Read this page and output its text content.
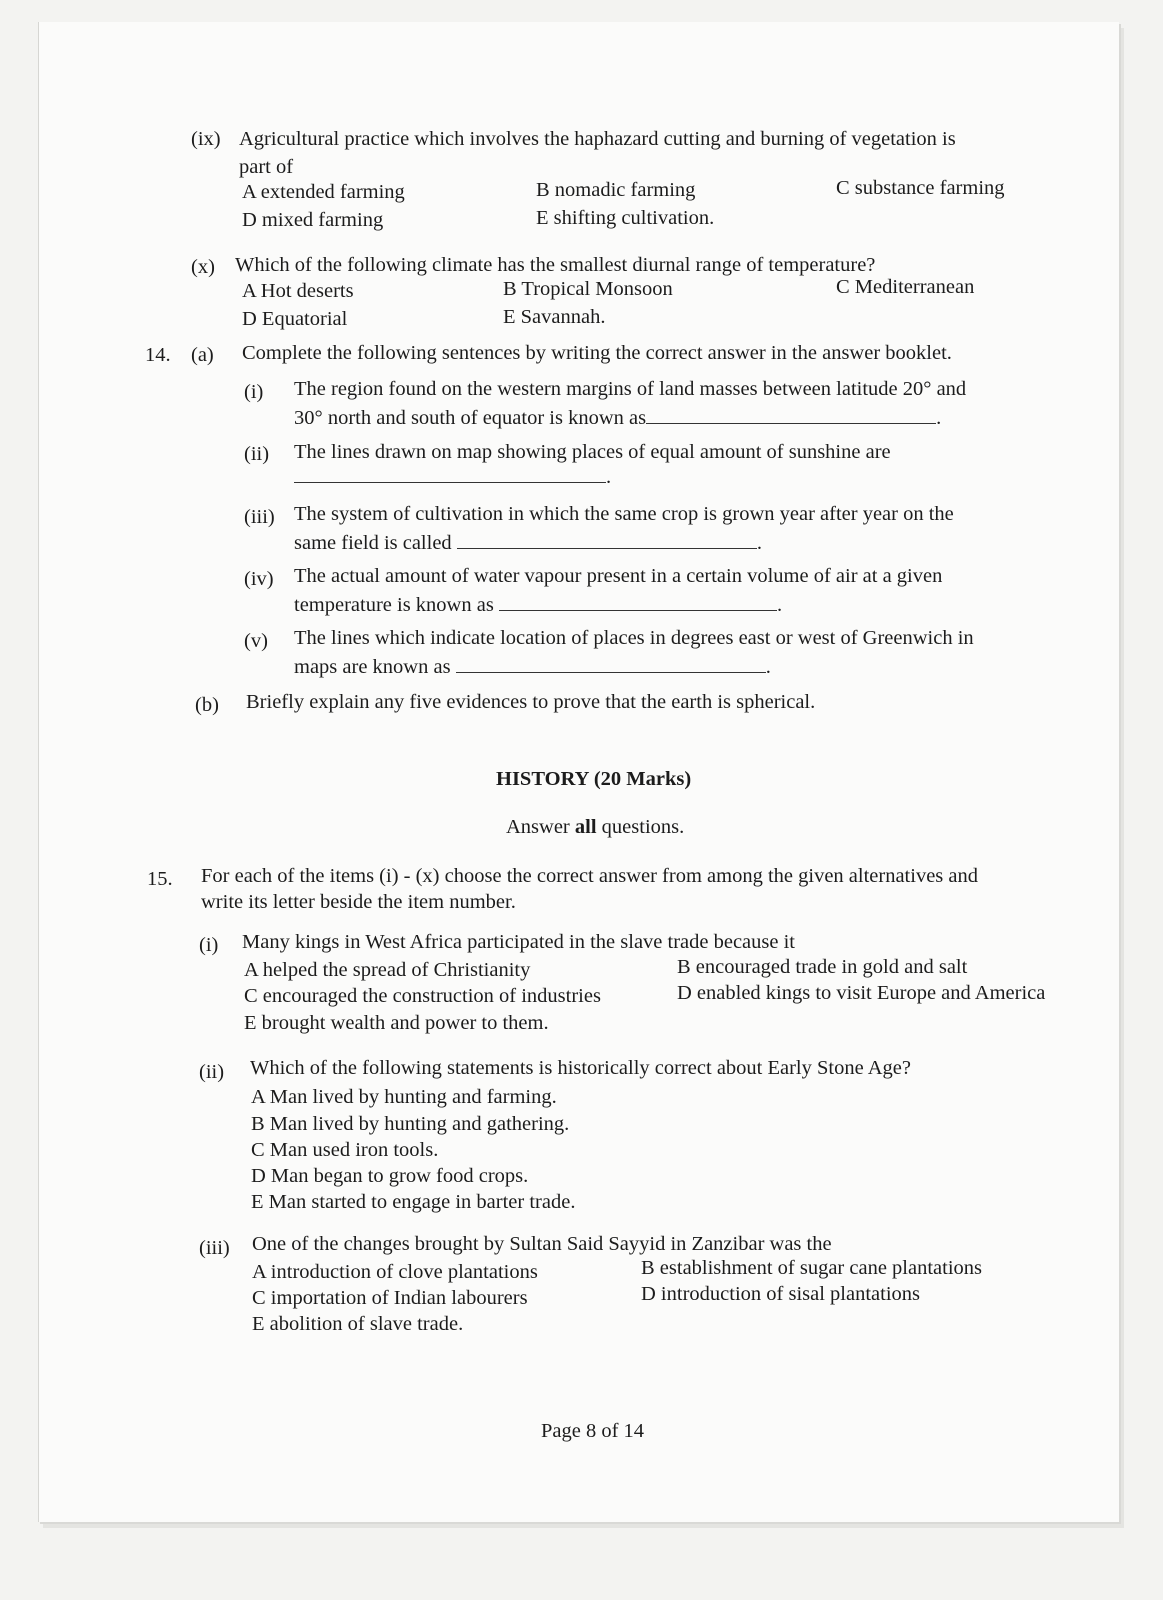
(ix) Agricultural practice which involves the haphazard cutting and burning of vegetation is
part of
A extended farming	B nomadic farming	C substance farming
D mixed farming	E shifting cultivation.
(x) Which of the following climate has the smallest diurnal range of temperature?
A Hot deserts	B Tropical Monsoon	C Mediterranean
D Equatorial	E Savannah.
14. (a) Complete the following sentences by writing the correct answer in the answer booklet.
(i) The region found on the western margins of land masses between latitude 20° and
30° north and south of equator is known as	.
(ii) The lines drawn on map showing places of equal amount of sunshine are
.
(iii) The system of cultivation in which the same crop is grown year after year on the
same field is called	.
(iv) The actual amount of water vapour present in a certain volume of air at a given
temperature is known as	.
(v) The lines which indicate location of places in degrees east or west of Greenwich in
maps are known as	.
(b) Briefly explain any five evidences to prove that the earth is spherical.
HISTORY (20 Marks)
Answer all questions.
15. For each of the items (i) - (x) choose the correct answer from among the given alternatives and
write its letter beside the item number.
(i) Many kings in West Africa participated in the slave trade because it
A helped the spread of Christianity	B encouraged trade in gold and salt
C encouraged the construction of industries	D enabled kings to visit Europe and America
E brought wealth and power to them.
(ii) Which of the following statements is historically correct about Early Stone Age?
A Man lived by hunting and farming.
B Man lived by hunting and gathering.
C Man used iron tools.
D Man began to grow food crops.
E Man started to engage in barter trade.
(iii) One of the changes brought by Sultan Said Sayyid in Zanzibar was the
A introduction of clove plantations	B establishment of sugar cane plantations
C importation of Indian labourers	D introduction of sisal plantations
E abolition of slave trade.
Page 8 of 14
